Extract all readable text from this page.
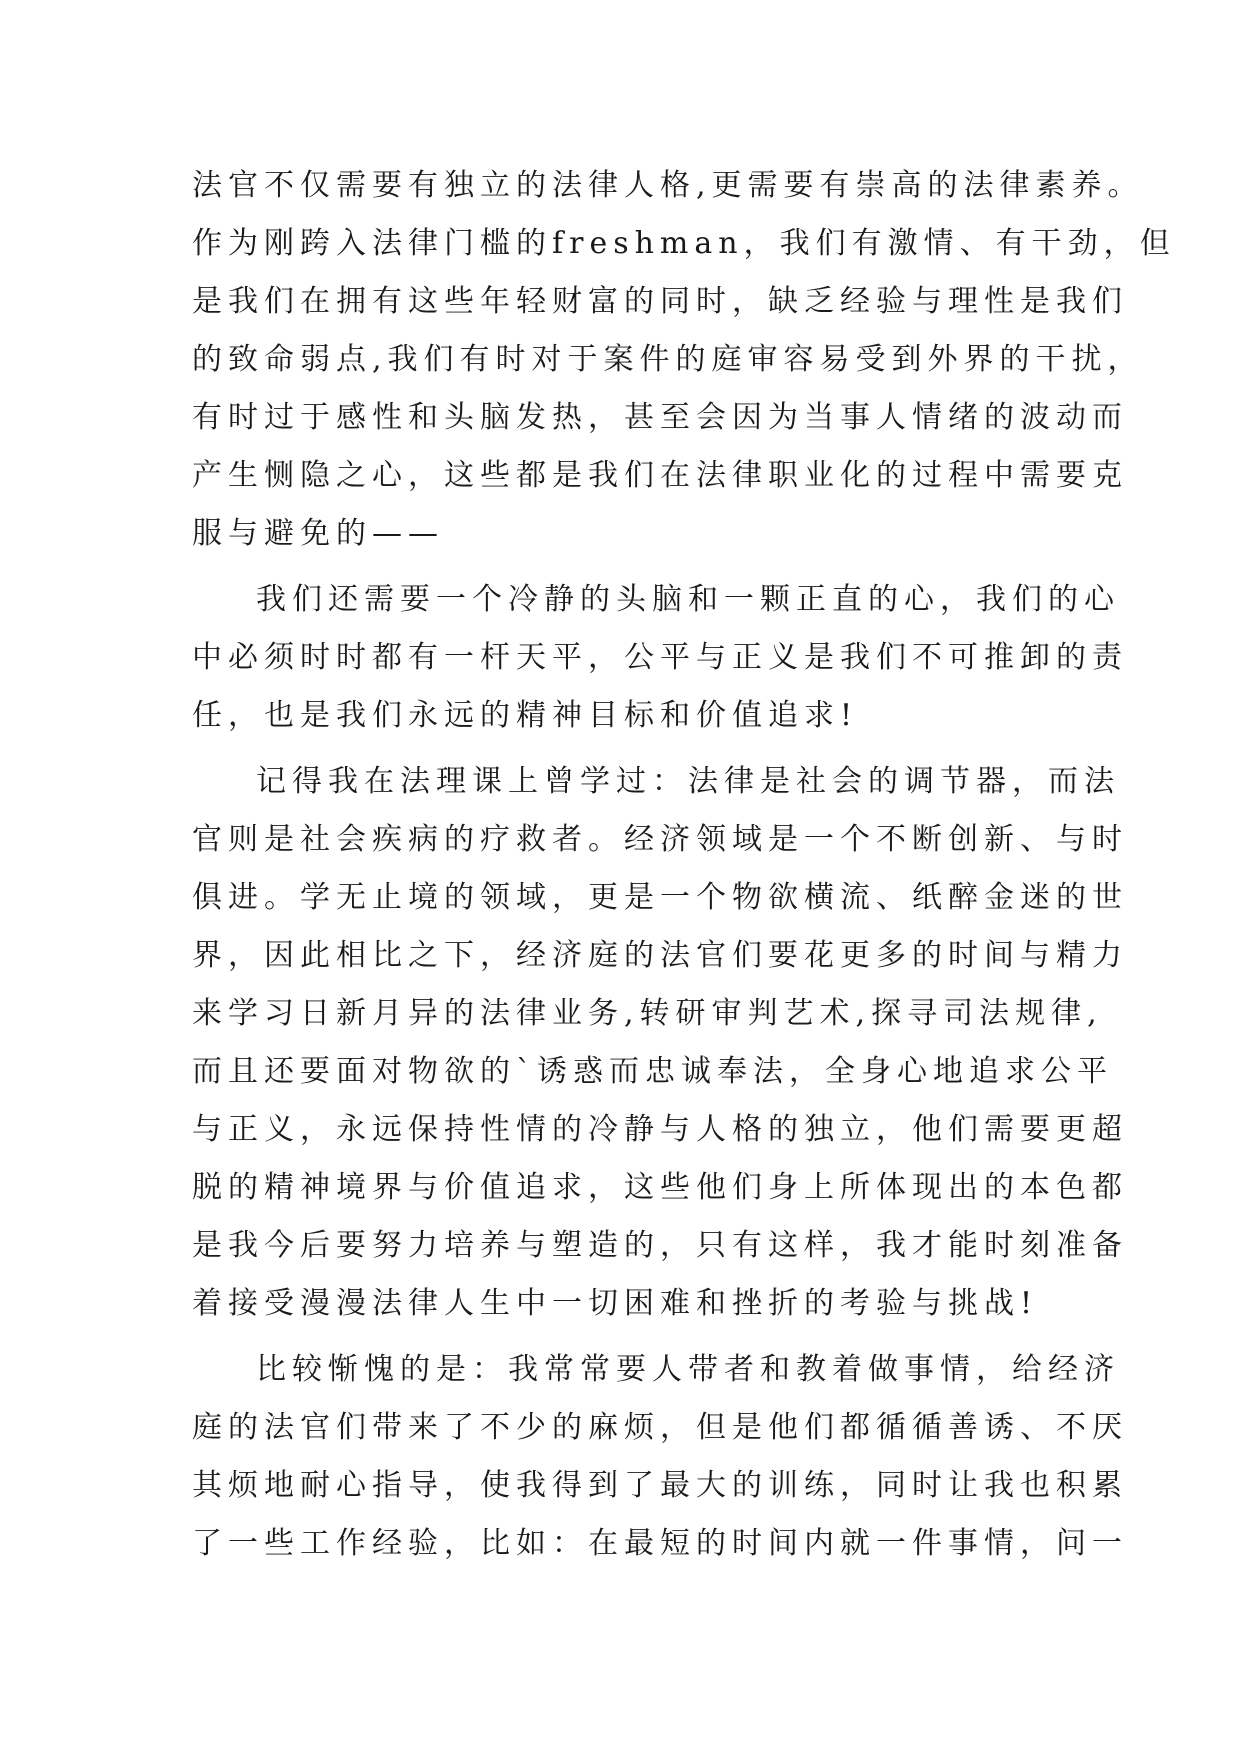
法官不仅需要有独立的法律人格,更需要有崇高的法律素养。
作为刚跨入法律门槛的freshman，我们有激情、有干劲，但
是我们在拥有这些年轻财富的同时，缺乏经验与理性是我们
的致命弱点,我们有时对于案件的庭审容易受到外界的干扰，
有时过于感性和头脑发热，甚至会因为当事人情绪的波动而
产生恻隐之心，这些都是我们在法律职业化的过程中需要克
服与避免的——
我们还需要一个冷静的头脑和一颗正直的心，我们的心
中必须时时都有一杆天平，公平与正义是我们不可推卸的责
任，也是我们永远的精神目标和价值追求!
记得我在法理课上曾学过：法律是社会的调节器，而法
官则是社会疾病的疗救者。经济领域是一个不断创新、与时
俱进。学无止境的领域，更是一个物欲横流、纸醉金迷的世
界，因此相比之下，经济庭的法官们要花更多的时间与精力
来学习日新月异的法律业务,转研审判艺术,探寻司法规律,
而且还要面对物欲的`诱惑而忠诚奉法，全身心地追求公平
与正义，永远保持性情的冷静与人格的独立，他们需要更超
脱的精神境界与价值追求，这些他们身上所体现出的本色都
是我今后要努力培养与塑造的，只有这样，我才能时刻准备
着接受漫漫法律人生中一切困难和挫折的考验与挑战!
比较惭愧的是：我常常要人带者和教着做事情，给经济
庭的法官们带来了不少的麻烦，但是他们都循循善诱、不厌
其烦地耐心指导，使我得到了最大的训练，同时让我也积累
了一些工作经验，比如：在最短的时间内就一件事情，问一
